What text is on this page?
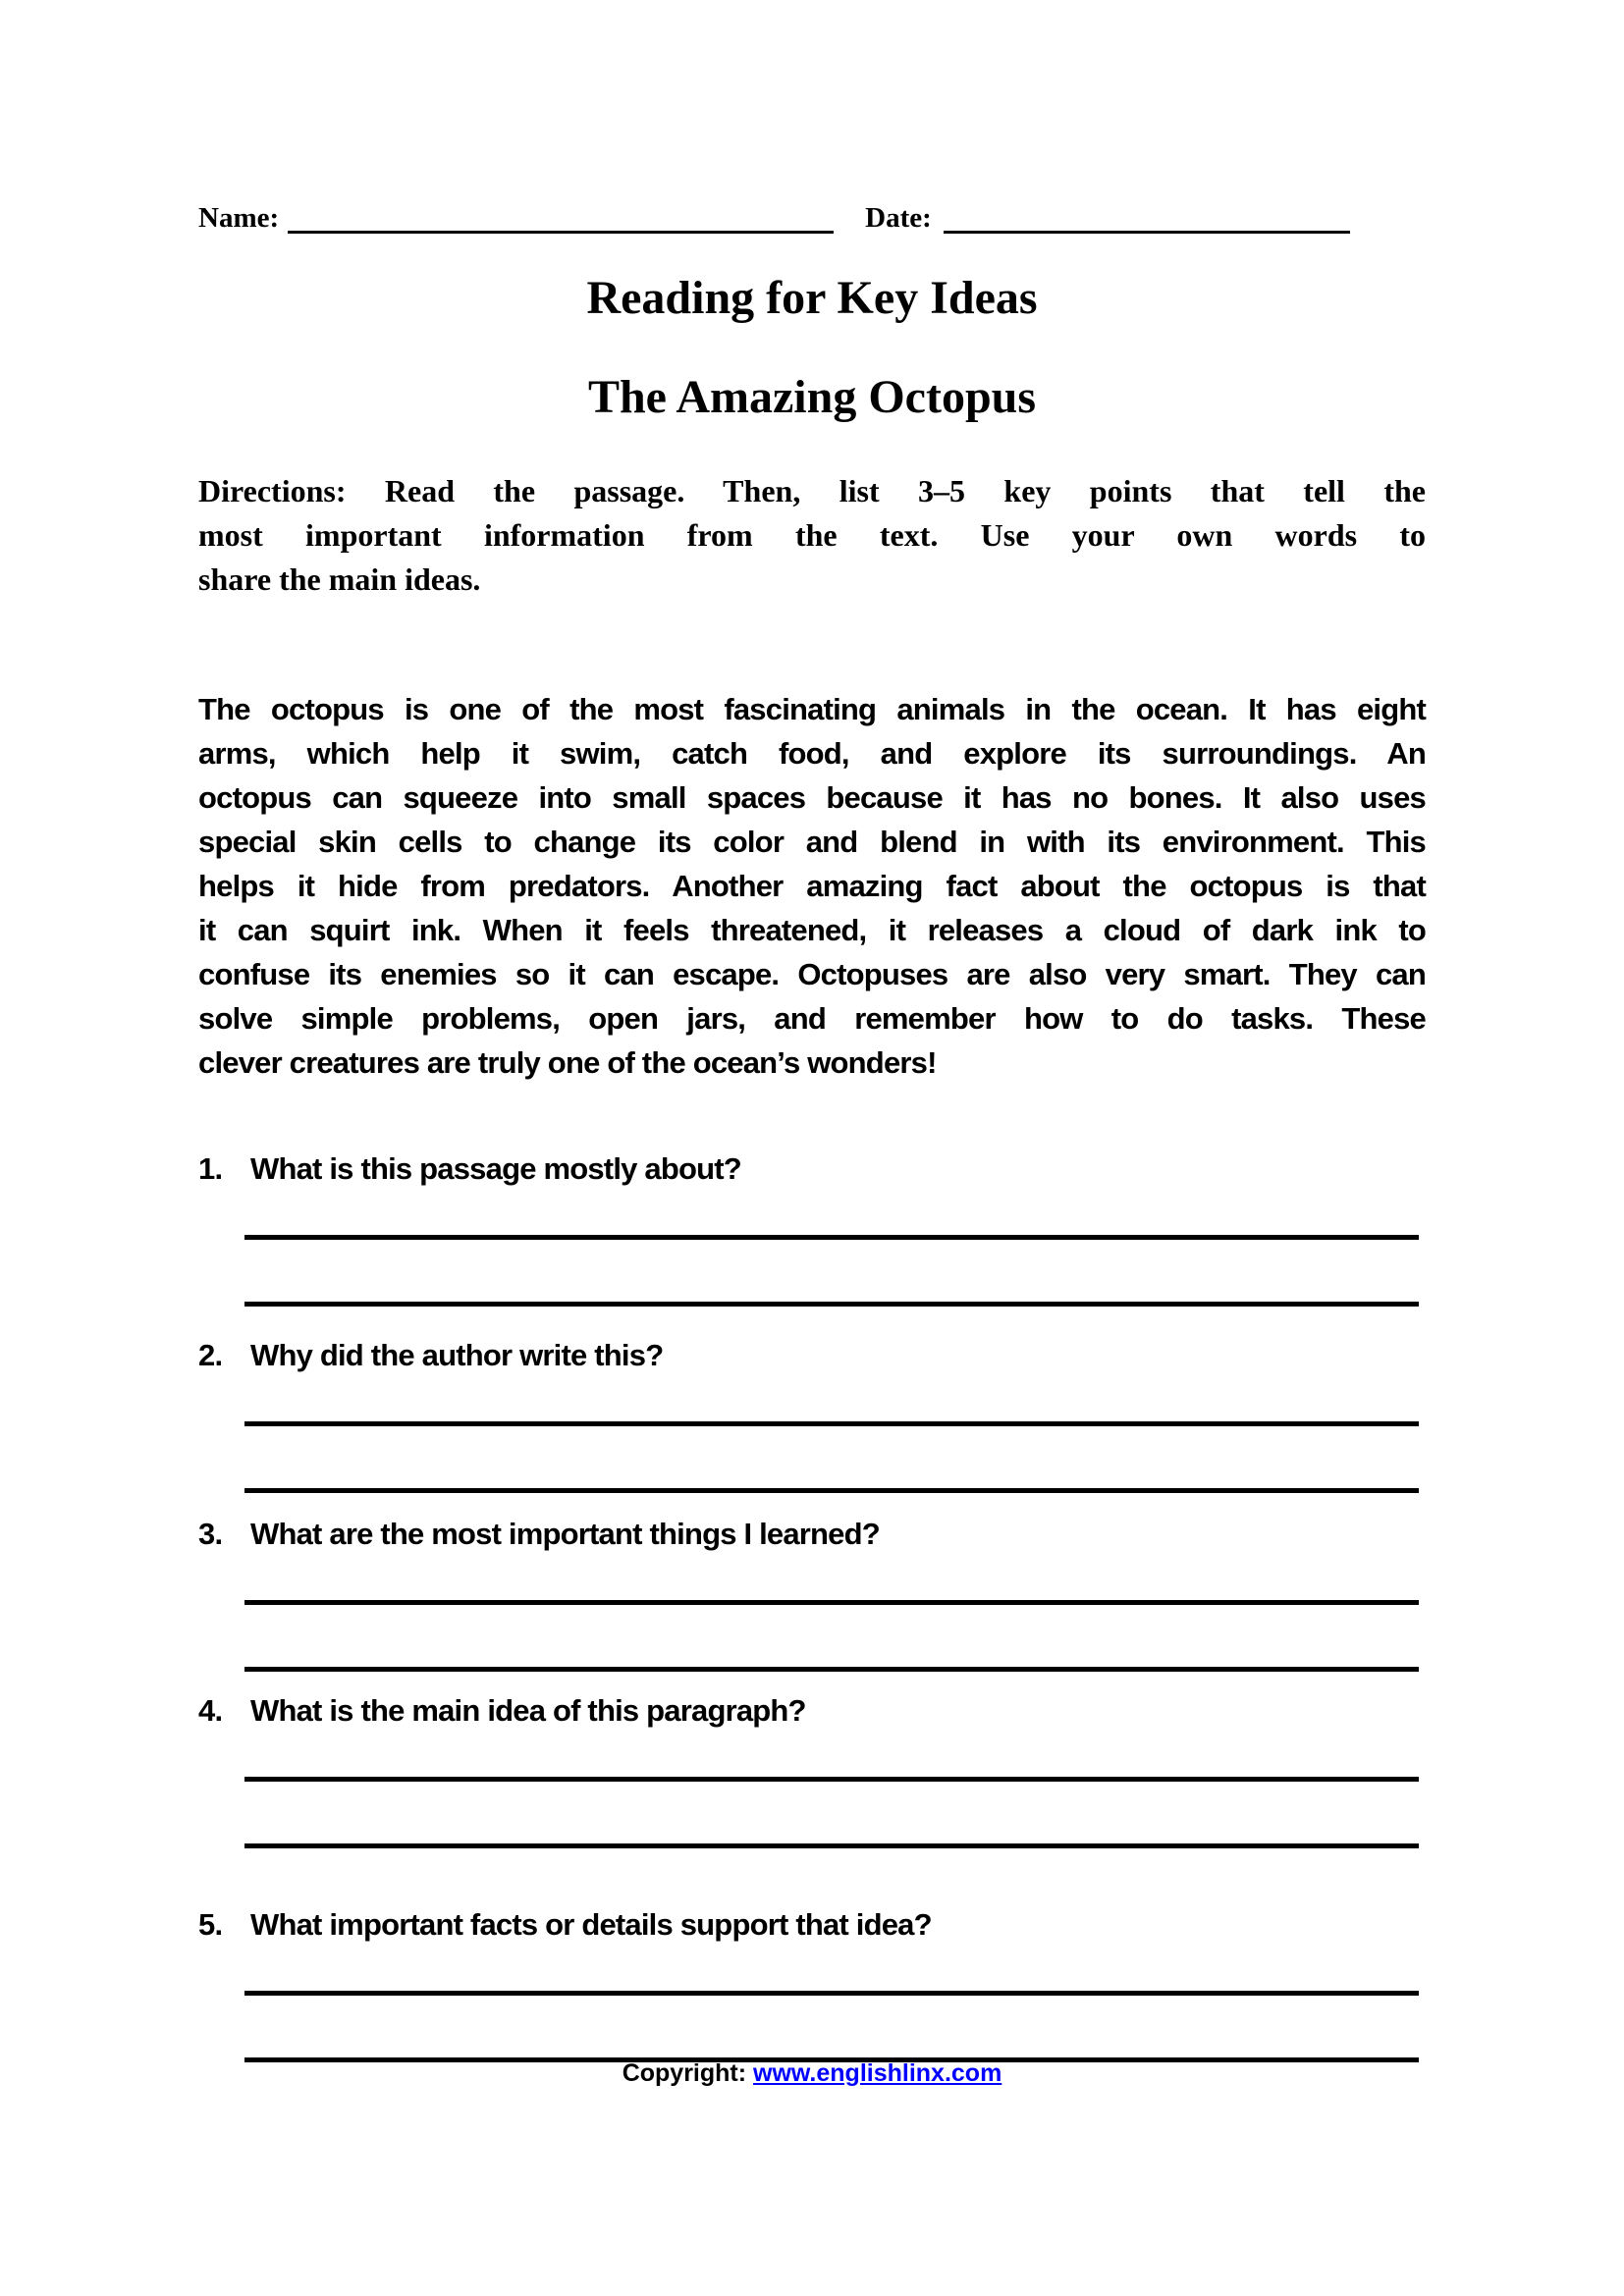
Name:	Date:
Reading for Key Ideas
The Amazing Octopus
Directions: Read the passage. Then, list 3–5 key points that tell the
most important information from the text. Use your own words to
share the main ideas.
The octopus is one of the most fascinating animals in the ocean. It has eight
arms, which help it swim, catch food, and explore its surroundings. An
octopus can squeeze into small spaces because it has no bones. It also uses
special skin cells to change its color and blend in with its environment. This
helps it hide from predators. Another amazing fact about the octopus is that
it can squirt ink. When it feels threatened, it releases a cloud of dark ink to
confuse its enemies so it can escape. Octopuses are also very smart. They can
solve simple problems, open jars, and remember how to do tasks. These
clever creatures are truly one of the ocean’s wonders!
1. What is this passage mostly about?
2. Why did the author write this?
3. What are the most important things I learned?
4. What is the main idea of this paragraph?
5. What important facts or details support that idea?
Copyright: www.englishlinx.com
